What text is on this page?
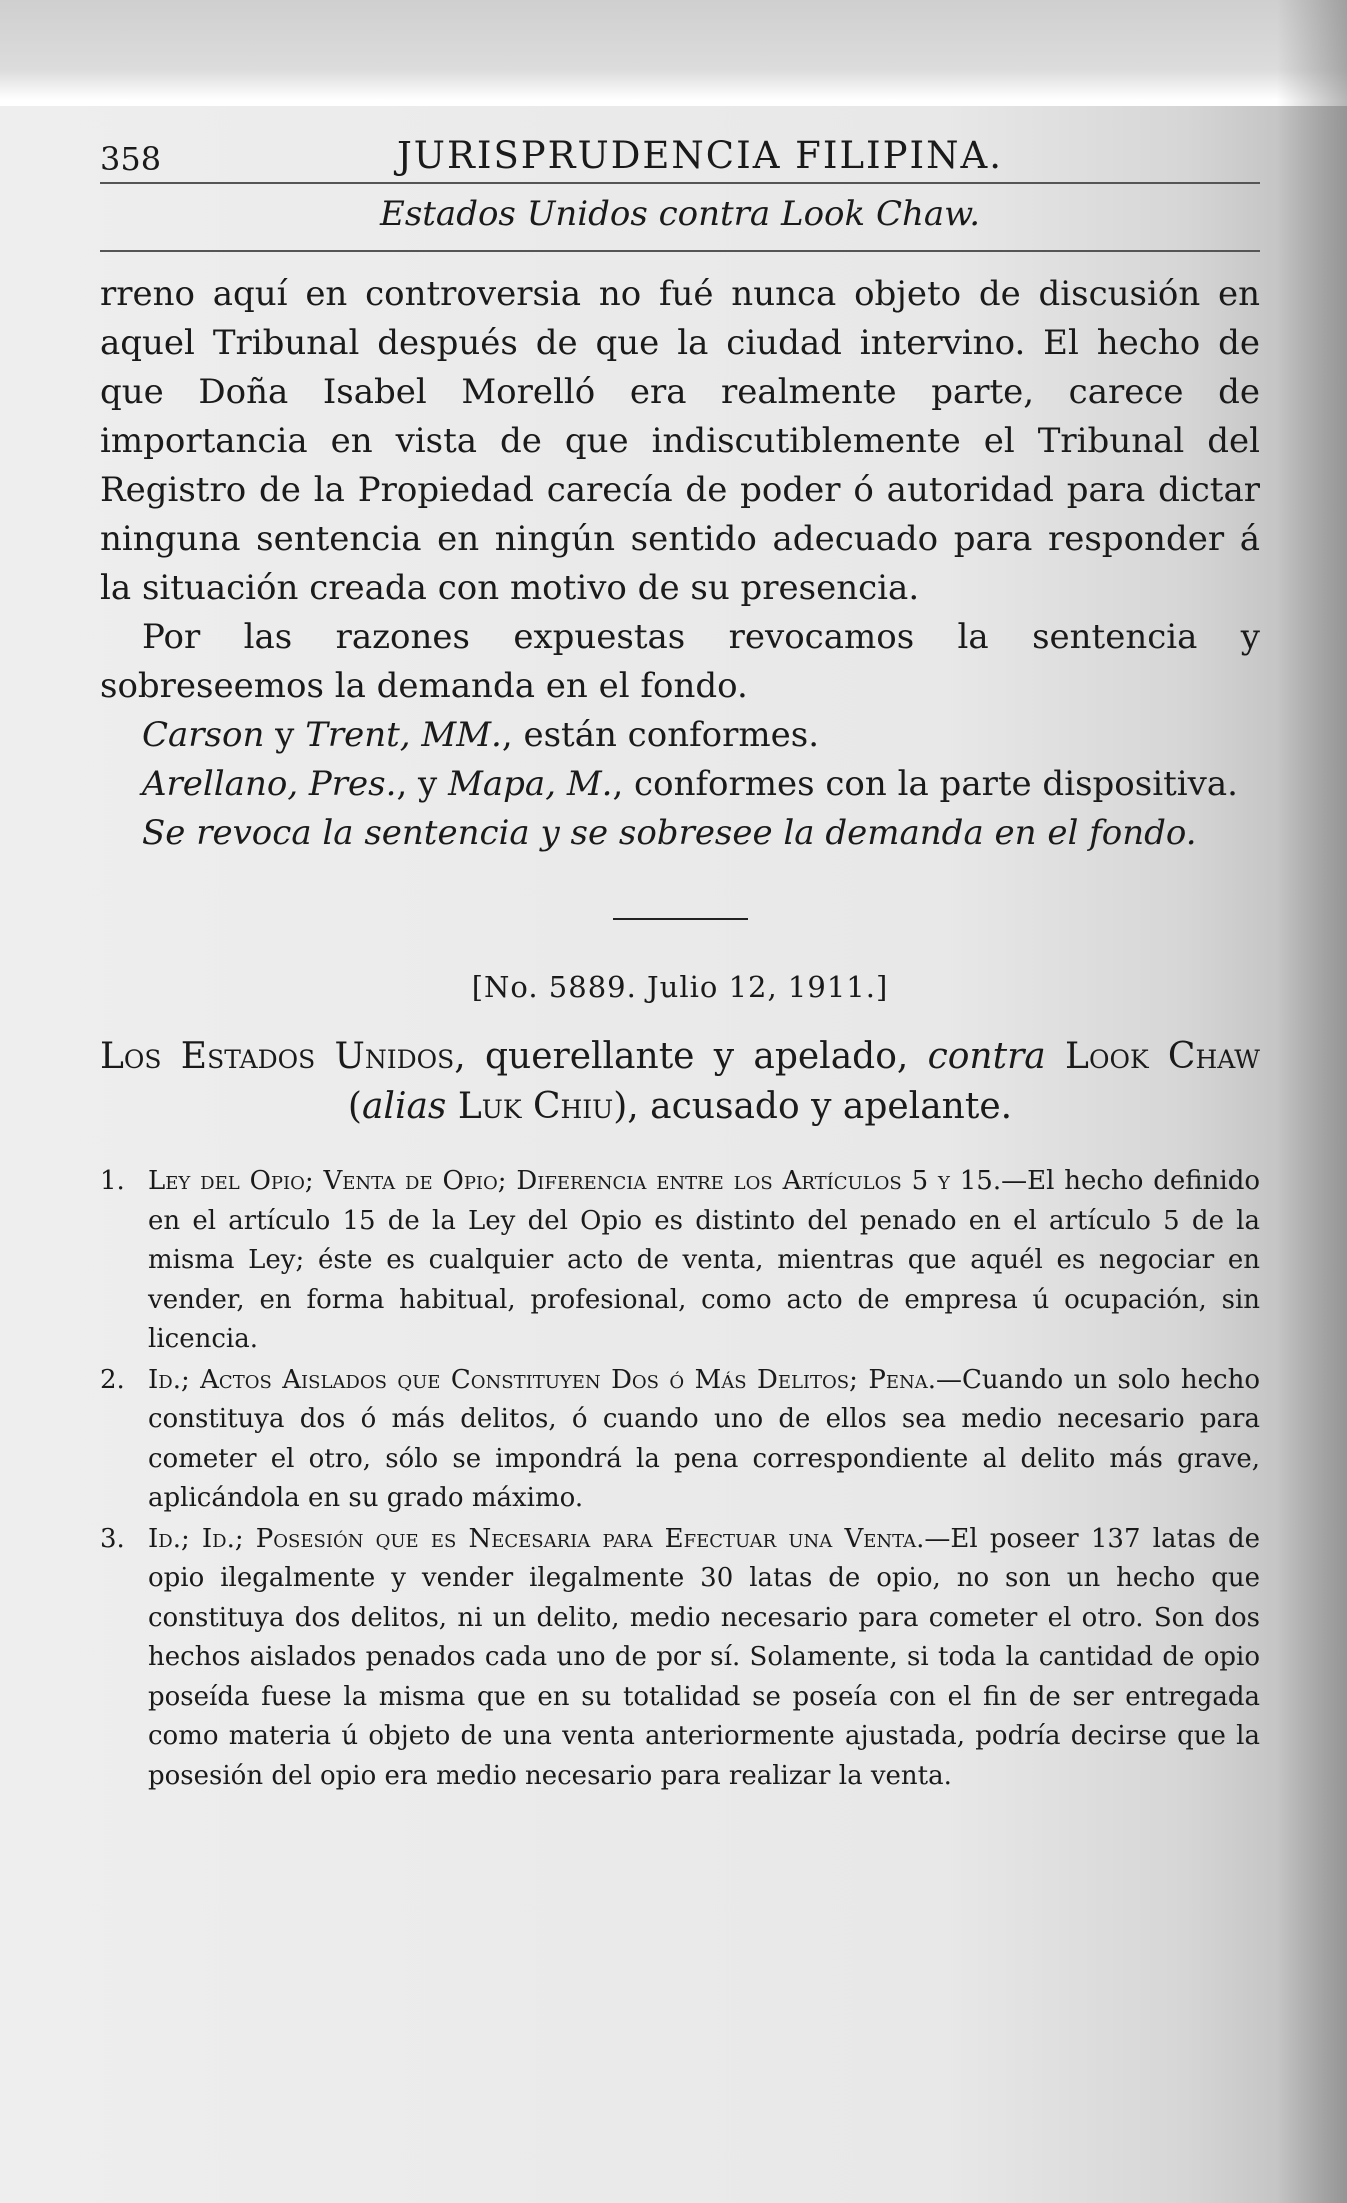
358	JURISPRUDENCIA FILIPINA.
Estados Unidos contra Look Chaw.

rreno aquí en controversia no fué nunca objeto de discusión en aquel Tribunal después de que la ciudad intervino. El hecho de que Doña Isabel Morelló era realmente parte, carece de importancia en vista de que indiscutiblemente el Tribunal del Registro de la Propiedad carecía de poder ó autoridad para dictar ninguna sentencia en ningún sentido adecuado para responder á la situación creada con motivo de su presencia.

Por las razones expuestas revocamos la sentencia y sobreseemos la demanda en el fondo.

Carson y Trent, MM., están conformes.

Arellano, Pres., y Mapa, M., conformes con la parte dispositiva.

Se revoca la sentencia y se sobresee la demanda en el fondo.

[No. 5889. Julio 12, 1911.]
Los Estados Unidos, querellante y apelado, contra Look Chaw (alias Luk Chiu), acusado y apelante.
1. Ley del Opio; Venta de Opio; Diferencia entre los Artículos 5 y 15.—El hecho definido en el artículo 15 de la Ley del Opio es distinto del penado en el artículo 5 de la misma Ley; éste es cualquier acto de venta, mientras que aquél es negociar en vender, en forma habitual, profesional, como acto de empresa ú ocupación, sin licencia.
2. Id.; Actos Aislados que Constituyen Dos ó Más Delitos; Pena.—Cuando un solo hecho constituya dos ó más delitos, ó cuando uno de ellos sea medio necesario para cometer el otro, sólo se impondrá la pena correspondiente al delito más grave, aplicándola en su grado máximo.
3. Id.; Id.; Posesión que es Necesaria para Efectuar una Venta.—El poseer 137 latas de opio ilegalmente y vender ilegalmente 30 latas de opio, no son un hecho que constituya dos delitos, ni un delito, medio necesario para cometer el otro. Son dos hechos aislados penados cada uno de por sí. Solamente, si toda la cantidad de opio poseída fuese la misma que en su totalidad se poseía con el fin de ser entregada como materia ú objeto de una venta anteriormente ajustada, podría decirse que la posesión del opio era medio necesario para realizar la venta.
